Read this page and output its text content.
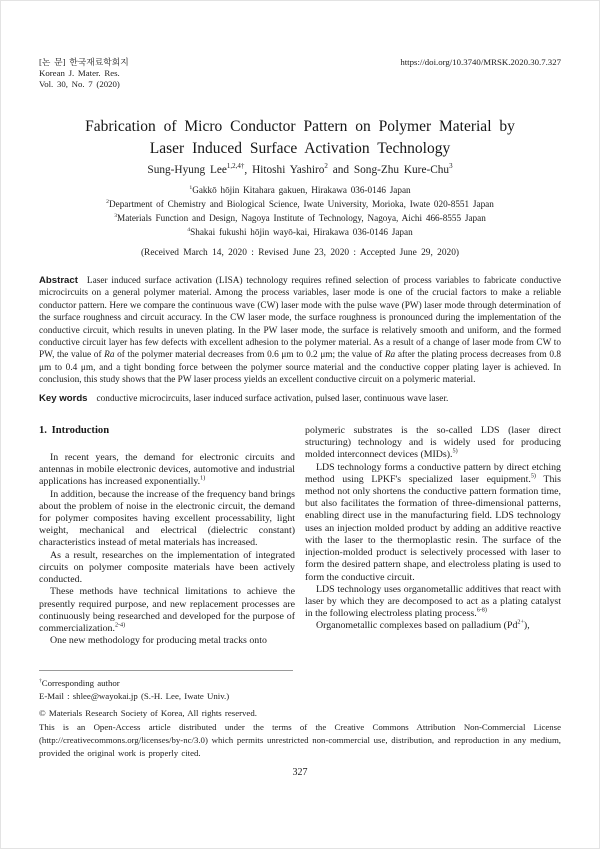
[논 문] 한국재료학회지
Korean J. Mater. Res.
Vol. 30, No. 7 (2020)
https://doi.org/10.3740/MRSK.2020.30.7.327
Fabrication of Micro Conductor Pattern on Polymer Material by
Laser Induced Surface Activation Technology
Sung-Hyung Lee$^{1,2,4\dagger}$, Hitoshi Yashiro$^2$ and Song-Zhu Kure-Chu$^3$
$^1$Gakkō hōjin Kitahara gakuen, Hirakawa 036-0146 Japan
$^2$Department of Chemistry and Biological Science, Iwate University, Morioka, Iwate 020-8551 Japan
$^3$Materials Function and Design, Nagoya Institute of Technology, Nagoya, Aichi 466-8555 Japan
$^4$Shakai fukushi hōjin wayō-kai, Hirakawa 036-0146 Japan
(Received March 14, 2020 : Revised June 23, 2020 : Accepted June 29, 2020)

Abstract Laser induced surface activation (LISA) technology requires refined selection of process variables to fabricate conductive microcircuits on a general polymer material. Among the process variables, laser mode is one of the crucial factors to make a reliable conductor pattern. Here we compare the continuous wave (CW) laser mode with the pulse wave (PW) laser mode through determination of the surface roughness and circuit accuracy. In the CW laser mode, the surface roughness is pronounced during the implementation of the conductive circuit, which results in uneven plating. In the PW laser mode, the surface is relatively smooth and uniform, and the formed conductive circuit layer has few defects with excellent adhesion to the polymer material. As a result of a change of laser mode from CW to PW, the value of Ra of the polymer material decreases from 0.6 μm to 0.2 μm; the value of Ra after the plating process decreases from 0.8 μm to 0.4 μm, and a tight bonding force between the polymer source material and the conductive copper plating layer is achieved. In conclusion, this study shows that the PW laser process yields an excellent conductive circuit on a polymeric material.

Key words conductive microcircuits, laser induced surface activation, pulsed laser, continuous wave laser.

1. Introduction

In recent years, the demand for electronic circuits and antennas in mobile electronic devices, automotive and industrial applications has increased exponentially.$^{1)}$

In addition, because the increase of the frequency band brings about the problem of noise in the electronic circuit, the demand for polymer composites having excellent processability, light weight, mechanical and electrical (dielectric constant) characteristics instead of metal materials has increased.

As a result, researches on the implementation of integrated circuits on polymer composite materials have been actively conducted.

These methods have technical limitations to achieve the presently required purpose, and new replacement processes are continuously being researched and developed for the purpose of commercialization.$^{2-4)}$

One new methodology for producing metal tracks onto

polymeric substrates is the so-called LDS (laser direct structuring) technology and is widely used for producing molded interconnect devices (MIDs).$^{5)}$

LDS technology forms a conductive pattern by direct etching method using LPKF's specialized laser equipment.$^{5)}$ This method not only shortens the conductive pattern formation time, but also facilitates the formation of three-dimensional patterns, enabling direct use in the manufacturing field. LDS technology uses an injection molded product by adding an additive reactive with the laser to the thermoplastic resin. The surface of the injection-molded product is selectively processed with laser to form the desired pattern shape, and electroless plating is used to form the conductive circuit.

LDS technology uses organometallic additives that react with laser by which they are decomposed to act as a plating catalyst in the following electroless plating process.$^{6-8)}$

Organometallic complexes based on palladium $(Pd^{2+})$,

†Corresponding author
E-Mail : shlee@wayokai.jp (S.-H. Lee, Iwate Univ.)
© Materials Research Society of Korea, All rights reserved.

This is an Open-Access article distributed under the terms of the Creative Commons Attribution Non-Commercial License (http://creativecommons.org/licenses/by-nc/3.0) which permits unrestricted non-commercial use, distribution, and reproduction in any medium, provided the original work is properly cited.

327
